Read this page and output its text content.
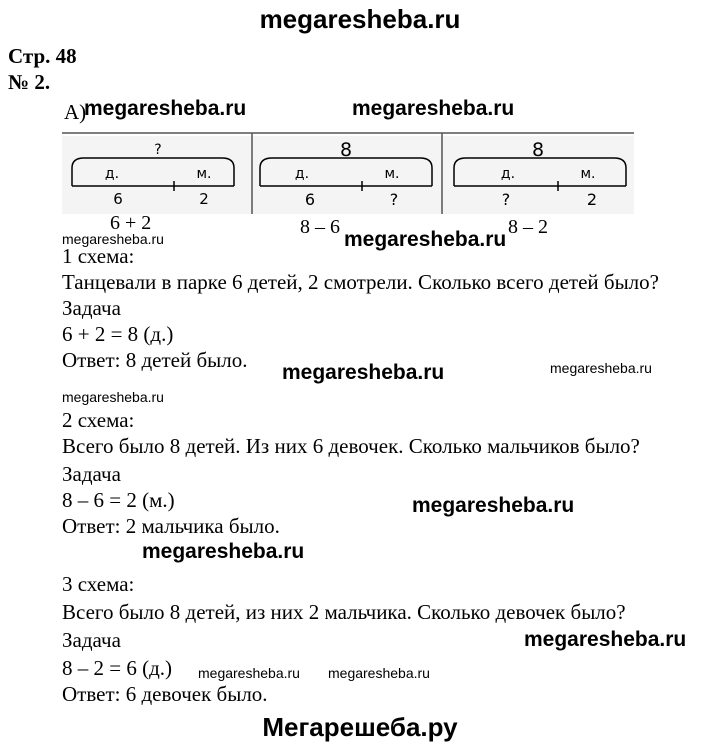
megaresheba.ru
Стр. 48
№ 2.
А)
?
д.	м.
6	2
8
д.	м.
6	?
8
д.	м.
?	2
6 + 2	8 – 6	8 – 2
1 схема:
Танцевали в парке 6 детей, 2 смотрели. Сколько всего детей было?
Задача
6 + 2 = 8 (д.)
Ответ: 8 детей было.
2 схема:
Всего было 8 детей. Из них 6 девочек. Сколько мальчиков было?
Задача
8 – 6 = 2 (м.)
Ответ: 2 мальчика было.
3 схема:
Всего было 8 детей, из них 2 мальчика. Сколько девочек было?
Задача
8 – 2 = 6 (д.)
Ответ: 6 девочек было.
megaresheba.ru	megaresheba.ru
megaresheba.ru	megaresheba.ru
megaresheba.ru	megaresheba.ru
megaresheba.ru
megaresheba.ru
megaresheba.ru
megaresheba.ru
megaresheba.ru megaresheba.ru
Мегарешеба.ру
